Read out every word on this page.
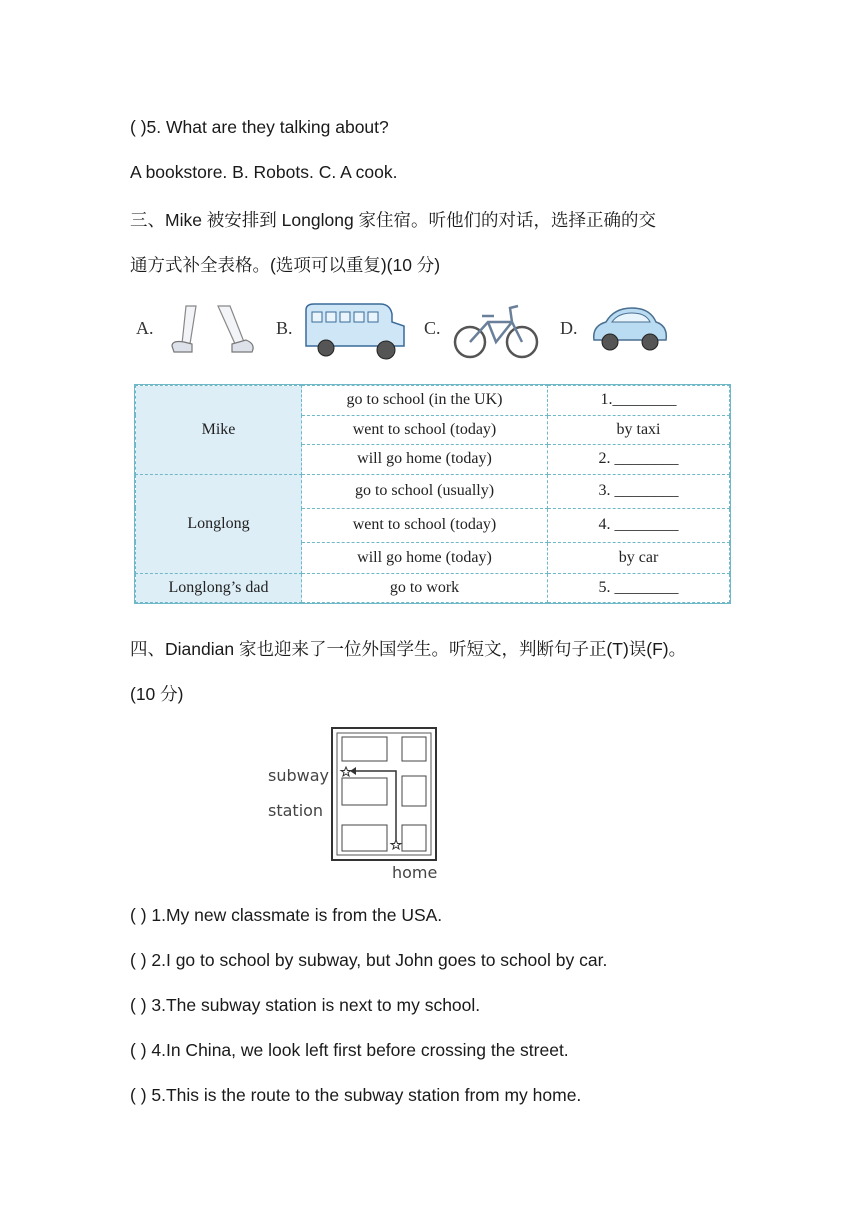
( )5. What are they talking about?
A bookstore. B. Robots. C. A cook.
三、Mike 被安排到 Longlong 家住宿。听他们的对话，选择正确的交
通方式补全表格。(选项可以重复)(10 分)
A.	B.	C.	D.
Mike	go to school (in the UK)	1.________
	went to school (today)	by taxi
	will go home (today)	2. ________
Longlong	go to school (usually)	3. ________
	went to school (today)	4. ________
	will go home (today)	by car
Longlong’s dad	go to work	5. ________
四、Diandian 家也迎来了一位外国学生。听短文，判断句子正(T)误(F)。
(10 分)
subway
station
home
( ) 1.My new classmate is from the USA.
( ) 2.I go to school by subway, but John goes to school by car.
( ) 3.The subway station is next to my school.
( ) 4.In China, we look left first before crossing the street.
( ) 5.This is the route to the subway station from my home.
